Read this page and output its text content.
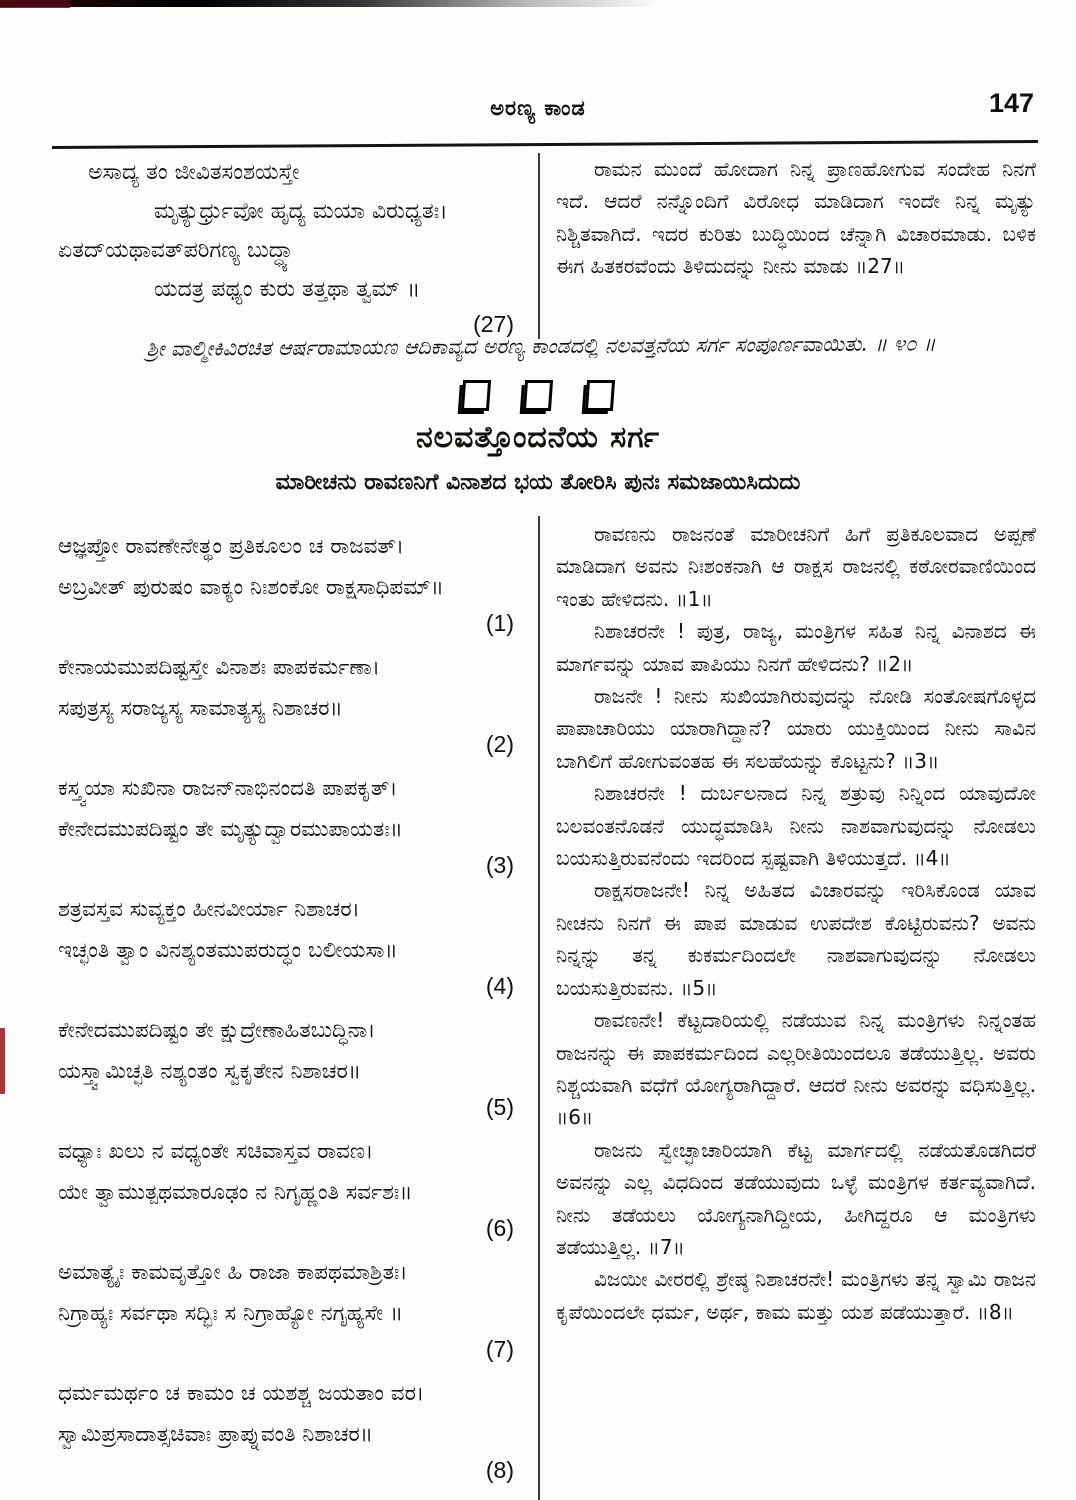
ಅರಣ್ಯ ಕಾಂಡ	147
ಅಸಾದ್ಯ ತಂ ಜೀವಿತಸಂಶಯಸ್ತೇ
ಮೃತ್ಯುರ್ಧ್ರುವೋ ಹೃದ್ಯ ಮಯಾ ವಿರುಧ್ಯತಃ।
ಏತದ್‌ಯಥಾವತ್‌ಪರಿಗಣ್ಯ ಬುದ್ಧ್ಯಾ
ಯದತ್ರ ಪಥ್ಯಂ ಕುರು ತತ್ತಥಾ ತ್ವಮ್ ॥
(27)

ರಾಮನ ಮುಂದೆ ಹೋದಾಗ ನಿನ್ನ ಪ್ರಾಣಹೋಗುವ ಸಂದೇಹ ನಿನಗೆ ಇದೆ. ಆದರೆ ನನ್ನೊಂದಿಗೆ ವಿರೋಧ ಮಾಡಿದಾಗ ಇಂದೇ ನಿನ್ನ ಮೃತ್ಯು ನಿಶ್ಚಿತವಾಗಿದೆ. ಇದರ ಕುರಿತು ಬುದ್ಧಿಯಿಂದ ಚೆನ್ನಾಗಿ ವಿಚಾರಮಾಡು. ಬಳಿಕ ಈಗ ಹಿತಕರವೆಂದು ತಿಳಿದುದನ್ನು ನೀನು ಮಾಡು ॥27॥

ಶ್ರೀ ವಾಲ್ಮೀಕಿವಿರಚಿತ ಆರ್ಷರಾಮಾಯಣ ಆದಿಕಾವ್ಯದ ಅರಣ್ಯ ಕಾಂಡದಲ್ಲಿ ನಲವತ್ತನೆಯ ಸರ್ಗ ಸಂಪೂರ್ಣವಾಯಿತು. ॥ ೪೦ ॥
ನಲವತ್ತೊಂದನೆಯ ಸರ್ಗ
ಮಾರೀಚನು ರಾವಣನಿಗೆ ವಿನಾಶದ ಭಯ ತೋರಿಸಿ ಪುನಃ ಸಮಜಾಯಿಸಿದುದು
ಆಜ್ಞಪ್ತೋ ರಾವಣೇನೇತ್ಥಂ ಪ್ರತಿಕೂಲಂ ಚ ರಾಜವತ್।
ಅಬ್ರವೀತ್ ಪುರುಷಂ ವಾಕ್ಯಂ ನಿಃಶಂಕೋ ರಾಕ್ಷಸಾಧಿಪಮ್॥
(1)
ಕೇನಾಯಮುಪದಿಷ್ಟಸ್ತೇ ವಿನಾಶಃ ಪಾಪಕರ್ಮಣಾ।
ಸಪುತ್ರಸ್ಯ ಸರಾಜ್ಯಸ್ಯ ಸಾಮಾತ್ಯಸ್ಯ ನಿಶಾಚರ॥
(2)
ಕಸ್ತ್ವಯಾ ಸುಖಿನಾ ರಾಜನ್‌ನಾಭಿನಂದತಿ ಪಾಪಕೃತ್।
ಕೇನೇದಮುಪದಿಷ್ಟಂ ತೇ ಮೃತ್ಯುದ್ವಾರಮುಪಾಯತಃ॥
(3)
ಶತ್ರವಸ್ತವ ಸುವ್ಯಕ್ತಂ ಹೀನವೀರ್ಯಾ ನಿಶಾಚರ।
ಇಚ್ಛಂತಿ ತ್ವಾಂ ವಿನಶ್ಯಂತಮುಪರುದ್ಧಂ ಬಲೀಯಸಾ॥
(4)
ಕೇನೇದಮುಪದಿಷ್ಟಂ ತೇ ಕ್ಷುದ್ರೇಣಾಹಿತಬುದ್ಧಿನಾ।
ಯಸ್ತ್ವಾಮಿಚ್ಛತಿ ನಶ್ಯಂತಂ ಸ್ವಕೃತೇನ ನಿಶಾಚರ॥
(5)
ವಧ್ಯಾಃ ಖಲು ನ ವಧ್ಯಂತೇ ಸಚಿವಾಸ್ತವ ರಾವಣ।
ಯೇ ತ್ವಾಮುತ್ಪಥಮಾರೂಢಂ ನ ನಿಗೃಹ್ಣಂತಿ ಸರ್ವಶಃ॥
(6)
ಅಮಾತ್ಯೈಃ ಕಾಮವೃತ್ತೋ ಹಿ ರಾಜಾ ಕಾಪಥಮಾಶ್ರಿತಃ।
ನಿಗ್ರಾಹ್ಯಃ ಸರ್ವಥಾ ಸದ್ಭಿಃ ಸ ನಿಗ್ರಾಹ್ಯೋ ನಗೃಹ್ಯಸೇ ॥
(7)
ಧರ್ಮಮರ್ಥಂ ಚ ಕಾಮಂ ಚ ಯಶಶ್ಚ ಜಯತಾಂ ವರ।
ಸ್ವಾಮಿಪ್ರಸಾದಾತ್ಸಚಿವಾಃ ಪ್ರಾಪ್ನುವಂತಿ ನಿಶಾಚರ॥
(8)

ರಾವಣನು ರಾಜನಂತೆ ಮಾರೀಚನಿಗೆ ಹಿಗೆ ಪ್ರತಿಕೂಲವಾದ ಅಪ್ಪಣೆ ಮಾಡಿದಾಗ ಅವನು ನಿಃಶಂಕನಾಗಿ ಆ ರಾಕ್ಷಸ ರಾಜನಲ್ಲಿ ಕಠೋರವಾಣಿಯಿಂದ ಇಂತು ಹೇಳಿದನು. ॥1॥

ನಿಶಾಚರನೇ ! ಪುತ್ರ, ರಾಜ್ಯ, ಮಂತ್ರಿಗಳ ಸಹಿತ ನಿನ್ನ ವಿನಾಶದ ಈ ಮಾರ್ಗವನ್ನು ಯಾವ ಪಾಪಿಯು ನಿನಗೆ ಹೇಳಿದನು? ॥2॥

ರಾಜನೇ ! ನೀನು ಸುಖಿಯಾಗಿರುವುದನ್ನು ನೋಡಿ ಸಂತೋಷಗೊಳ್ಳದ ಪಾಪಾಚಾರಿಯು ಯಾರಾಗಿದ್ದಾನೆ? ಯಾರು ಯುಕ್ತಿಯಿಂದ ನೀನು ಸಾವಿನ ಬಾಗಿಲಿಗೆ ಹೋಗುವಂತಹ ಈ ಸಲಹೆಯನ್ನು ಕೊಟ್ಟನು? ॥3॥

ನಿಶಾಚರನೇ ! ದುರ್ಬಲನಾದ ನಿನ್ನ ಶತ್ರುವು ನಿನ್ನಿಂದ ಯಾವುದೋ ಬಲವಂತನೊಡನೆ ಯುದ್ಧಮಾಡಿಸಿ ನೀನು ನಾಶವಾಗುವುದನ್ನು ನೋಡಲು ಬಯಸುತ್ತಿರುವನೆಂದು ಇದರಿಂದ ಸ್ಪಷ್ಟವಾಗಿ ತಿಳಿಯುತ್ತದೆ. ॥4॥

ರಾಕ್ಷಸರಾಜನೇ! ನಿನ್ನ ಅಹಿತದ ವಿಚಾರವನ್ನು ಇರಿಸಿಕೊಂಡ ಯಾವ ನೀಚನು ನಿನಗೆ ಈ ಪಾಪ ಮಾಡುವ ಉಪದೇಶ ಕೊಟ್ಟಿರುವನು? ಅವನು ನಿನ್ನನ್ನು ತನ್ನ ಕುಕರ್ಮದಿಂದಲೇ ನಾಶವಾಗುವುದನ್ನು ನೋಡಲು ಬಯಸುತ್ತಿರುವನು. ॥5॥

ರಾವಣನೇ! ಕೆಟ್ಟದಾರಿಯಲ್ಲಿ ನಡೆಯುವ ನಿನ್ನ ಮಂತ್ರಿಗಳು ನಿನ್ನಂತಹ ರಾಜನನ್ನು ಈ ಪಾಪಕರ್ಮದಿಂದ ಎಲ್ಲರೀತಿಯಿಂದಲೂ ತಡೆಯುತ್ತಿಲ್ಲ. ಅವರು ನಿಶ್ಚಯವಾಗಿ ವಧೆಗೆ ಯೋಗ್ಯರಾಗಿದ್ದಾರೆ. ಆದರೆ ನೀನು ಅವರನ್ನು ವಧಿಸುತ್ತಿಲ್ಲ. ॥6॥

ರಾಜನು ಸ್ವೇಚ್ಛಾಚಾರಿಯಾಗಿ ಕೆಟ್ಟ ಮಾರ್ಗದಲ್ಲಿ ನಡೆಯತೊಡಗಿದರೆ ಅವನನ್ನು ಎಲ್ಲ ವಿಧದಿಂದ ತಡೆಯುವುದು ಒಳ್ಳೆ ಮಂತ್ರಿಗಳ ಕರ್ತವ್ಯವಾಗಿದೆ. ನೀನು ತಡೆಯಲು ಯೋಗ್ಯನಾಗಿದ್ದೀಯ, ಹೀಗಿದ್ದರೂ ಆ ಮಂತ್ರಿಗಳು ತಡೆಯುತ್ತಿಲ್ಲ. ॥7॥

ವಿಜಯೀ ವೀರರಲ್ಲಿ ಶ್ರೇಷ್ಠ ನಿಶಾಚರನೇ! ಮಂತ್ರಿಗಳು ತನ್ನ ಸ್ವಾಮಿ ರಾಜನ ಕೃಪೆಯಿಂದಲೇ ಧರ್ಮ, ಅರ್ಥ, ಕಾಮ ಮತ್ತು ಯಶ ಪಡೆಯುತ್ತಾರೆ. ॥8॥
